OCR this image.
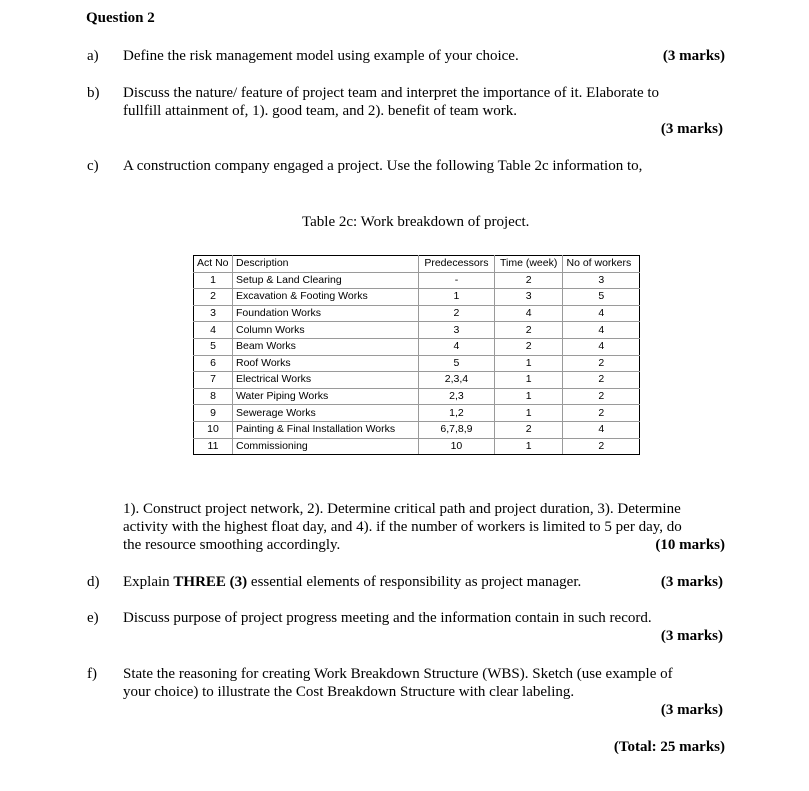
Question 2
a) Define the risk management model using example of your choice.	(3 marks)
b) Discuss the nature/ feature of project team and interpret the importance of it. Elaborate to
fullfill attainment of, 1). good team, and 2). benefit of team work.
(3 marks)
c) A construction company engaged a project. Use the following Table 2c information to,
Table 2c: Work breakdown of project.
Act No	Description	Predecessors	Time (week)	No of workers
1	Setup & Land Clearing	-	2	3
2	Excavation & Footing Works	1	3	5
3	Foundation Works	2	4	4
4	Column Works	3	2	4
5	Beam Works	4	2	4
6	Roof Works	5	1	2
7	Electrical Works	2,3,4	1	2
8	Water Piping Works	2,3	1	2
9	Sewerage Works	1,2	1	2
10	Painting & Final Installation Works	6,7,8,9	2	4
11	Commissioning	10	1	2
1). Construct project network, 2). Determine critical path and project duration, 3). Determine
activity with the highest float day, and 4). if the number of workers is limited to 5 per day, do
the resource smoothing accordingly.	(10 marks)
d) Explain THREE (3) essential elements of responsibility as project manager.	(3 marks)
e) Discuss purpose of project progress meeting and the information contain in such record.
(3 marks)
f) State the reasoning for creating Work Breakdown Structure (WBS). Sketch (use example of
your choice) to illustrate the Cost Breakdown Structure with clear labeling.
(3 marks)
(Total: 25 marks)
